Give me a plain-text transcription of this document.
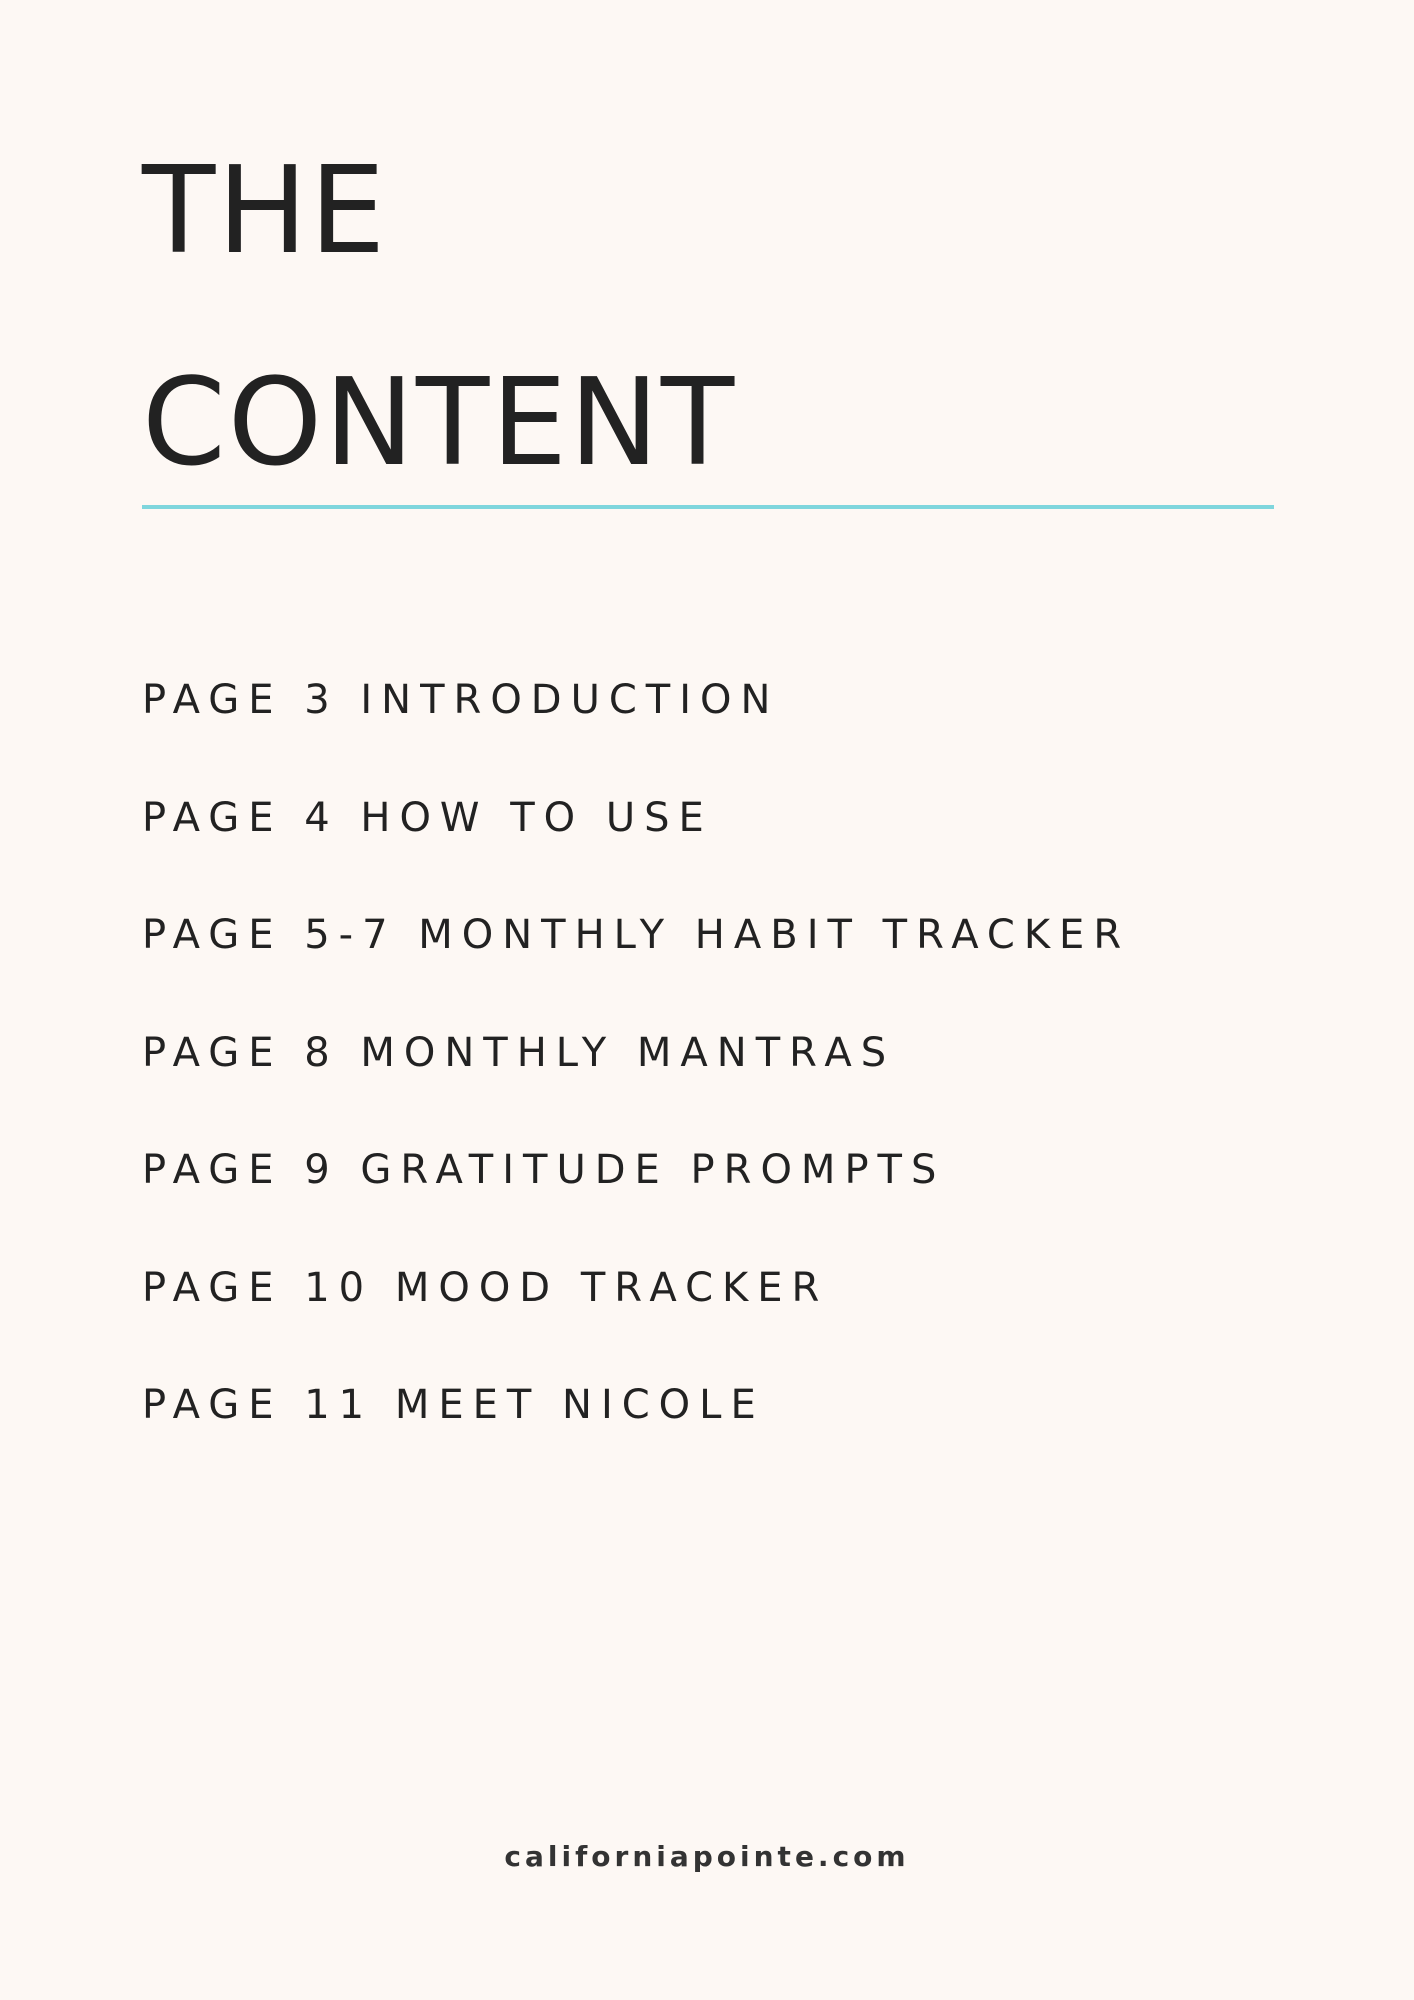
THE
CONTENT
PAGE 3 INTRODUCTION
PAGE 4 HOW TO USE
PAGE 5-7 MONTHLY HABIT TRACKER
PAGE 8 MONTHLY MANTRAS
PAGE 9 GRATITUDE PROMPTS
PAGE 10 MOOD TRACKER
PAGE 11 MEET NICOLE
californiapointe.com
